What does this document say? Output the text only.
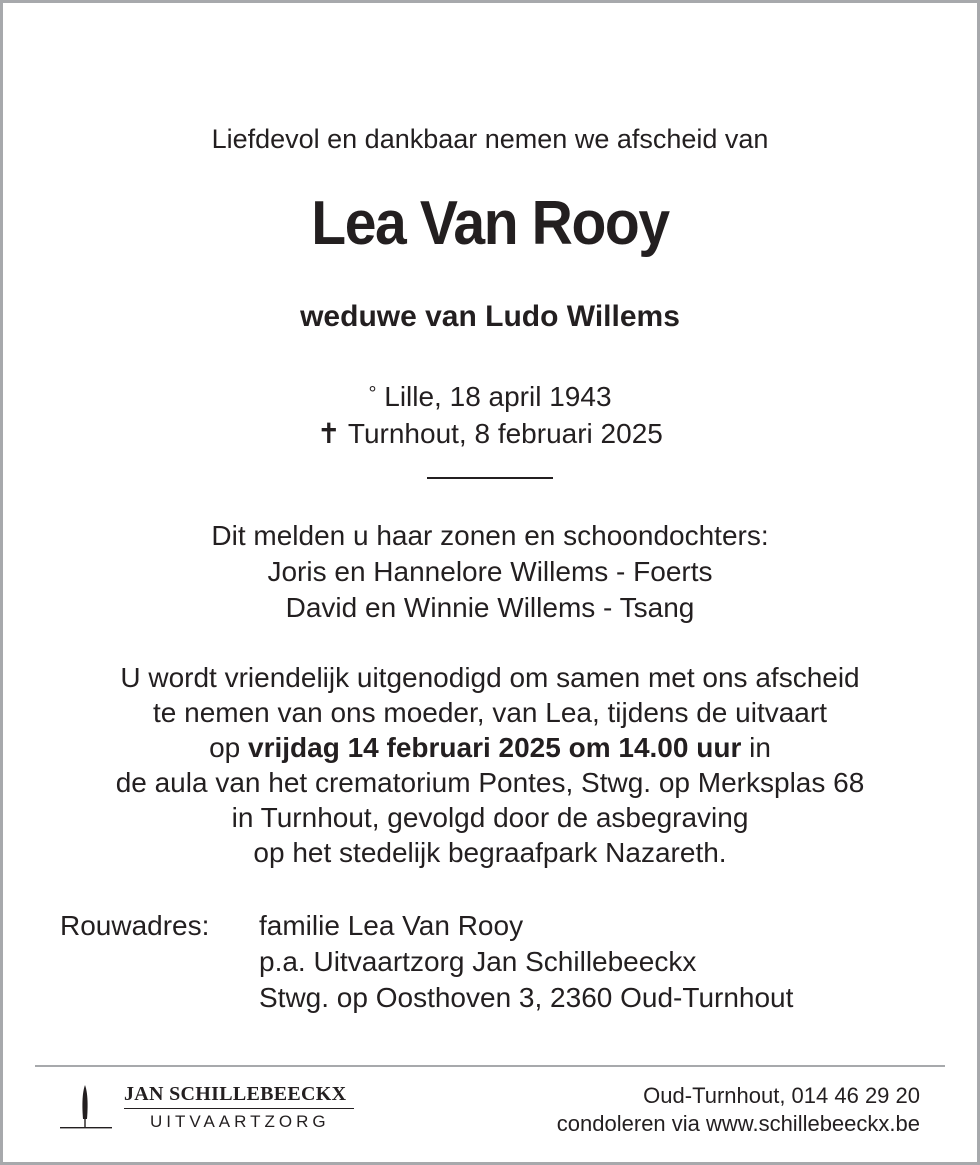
Liefdevol en dankbaar nemen we afscheid van
Lea Van Rooy
weduwe van Ludo Willems
° Lille, 18 april 1943
✝ Turnhout, 8 februari 2025
Dit melden u haar zonen en schoondochters:
Joris en Hannelore Willems - Foerts
David en Winnie Willems - Tsang
U wordt vriendelijk uitgenodigd om samen met ons afscheid
te nemen van ons moeder, van Lea, tijdens de uitvaart
op vrijdag 14 februari 2025 om 14.00 uur in
de aula van het crematorium Pontes, Stwg. op Merksplas 68
in Turnhout, gevolgd door de asbegraving
op het stedelijk begraafpark Nazareth.
Rouwadres: familie Lea Van Rooy
p.a. Uitvaartzorg Jan Schillebeeckx
Stwg. op Oosthoven 3, 2360 Oud-Turnhout
JAN SCHILLEBEECKX
UITVAARTZORG
Oud-Turnhout, 014 46 29 20
condoleren via www.schillebeeckx.be
